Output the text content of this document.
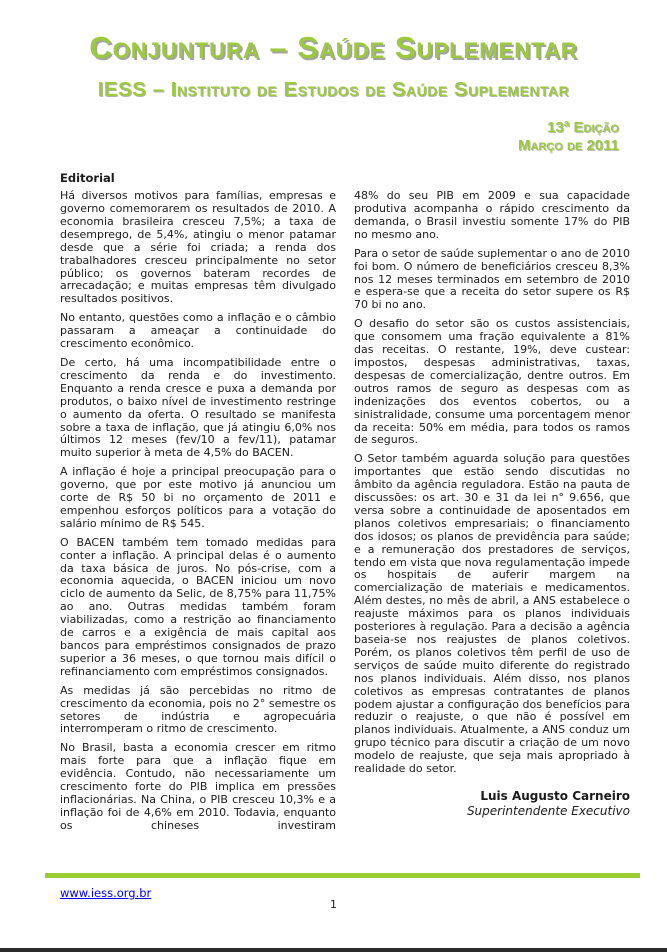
Conjuntura – Saúde Suplementar
IESS – Instituto de Estudos de Saúde Suplementar
13ª Edição
Março de 2011

Editorial

Há diversos motivos para famílias, empresas e governo comemorarem os resultados de 2010. A economia brasileira cresceu 7,5%; a taxa de desemprego, de 5,4%, atingiu o menor patamar desde que a série foi criada; a renda dos trabalhadores cresceu principalmente no setor público; os governos bateram recordes de arrecadação; e muitas empresas têm divulgado resultados positivos.

No entanto, questões como a inflação e o câmbio passaram a ameaçar a continuidade do crescimento econômico.

De certo, há uma incompatibilidade entre o crescimento da renda e do investimento. Enquanto a renda cresce e puxa a demanda por produtos, o baixo nível de investimento restringe o aumento da oferta. O resultado se manifesta sobre a taxa de inflação, que já atingiu 6,0% nos últimos 12 meses (fev/10 a fev/11), patamar muito superior à meta de 4,5% do BACEN.

A inflação é hoje a principal preocupação para o governo, que por este motivo já anunciou um corte de R$ 50 bi no orçamento de 2011 e empenhou esforços políticos para a votação do salário mínimo de R$ 545.

O BACEN também tem tomado medidas para conter a inflação. A principal delas é o aumento da taxa básica de juros. No pós-crise, com a economia aquecida, o BACEN iniciou um novo ciclo de aumento da Selic, de 8,75% para 11,75% ao ano. Outras medidas também foram viabilizadas, como a restrição ao financiamento de carros e a exigência de mais capital aos bancos para empréstimos consignados de prazo superior a 36 meses, o que tornou mais difícil o refinanciamento com empréstimos consignados.

As medidas já são percebidas no ritmo de crescimento da economia, pois no 2° semestre os setores de indústria e agropecuária interromperam o ritmo de crescimento.

No Brasil, basta a economia crescer em ritmo mais forte para que a inflação fique em evidência. Contudo, não necessariamente um crescimento forte do PIB implica em pressões inflacionárias. Na China, o PIB cresceu 10,3% e a inflação foi de 4,6% em 2010. Todavia, enquanto os chineses investiram

48% do seu PIB em 2009 e sua capacidade produtiva acompanha o rápido crescimento da demanda, o Brasil investiu somente 17% do PIB no mesmo ano.

Para o setor de saúde suplementar o ano de 2010 foi bom. O número de beneficiários cresceu 8,3% nos 12 meses terminados em setembro de 2010 e espera-se que a receita do setor supere os R$ 70 bi no ano.

O desafio do setor são os custos assistenciais, que consomem uma fração equivalente a 81% das receitas. O restante, 19%, deve custear: impostos, despesas administrativas, taxas, despesas de comercialização, dentre outros. Em outros ramos de seguro as despesas com as indenizações dos eventos cobertos, ou a sinistralidade, consume uma porcentagem menor da receita: 50% em média, para todos os ramos de seguros.

O Setor também aguarda solução para questões importantes que estão sendo discutidas no âmbito da agência reguladora. Estão na pauta de discussões: os art. 30 e 31 da lei n° 9.656, que versa sobre a continuidade de aposentados em planos coletivos empresariais; o financiamento dos idosos; os planos de previdência para saúde; e a remuneração dos prestadores de serviços, tendo em vista que nova regulamentação impede os hospitais de auferir margem na comercialização de materiais e medicamentos. Além destes, no mês de abril, a ANS estabelece o reajuste máximos para os planos individuais posteriores à regulação. Para a decisão a agência baseia-se nos reajustes de planos coletivos. Porém, os planos coletivos têm perfil de uso de serviços de saúde muito diferente do registrado nos planos individuais. Além disso, nos planos coletivos as empresas contratantes de planos podem ajustar a configuração dos benefícios para reduzir o reajuste, o que não é possível em planos individuais. Atualmente, a ANS conduz um grupo técnico para discutir a criação de um novo modelo de reajuste, que seja mais apropriado à realidade do setor.

Luis Augusto Carneiro

Superintendente Executivo

www.iess.org.br
1
